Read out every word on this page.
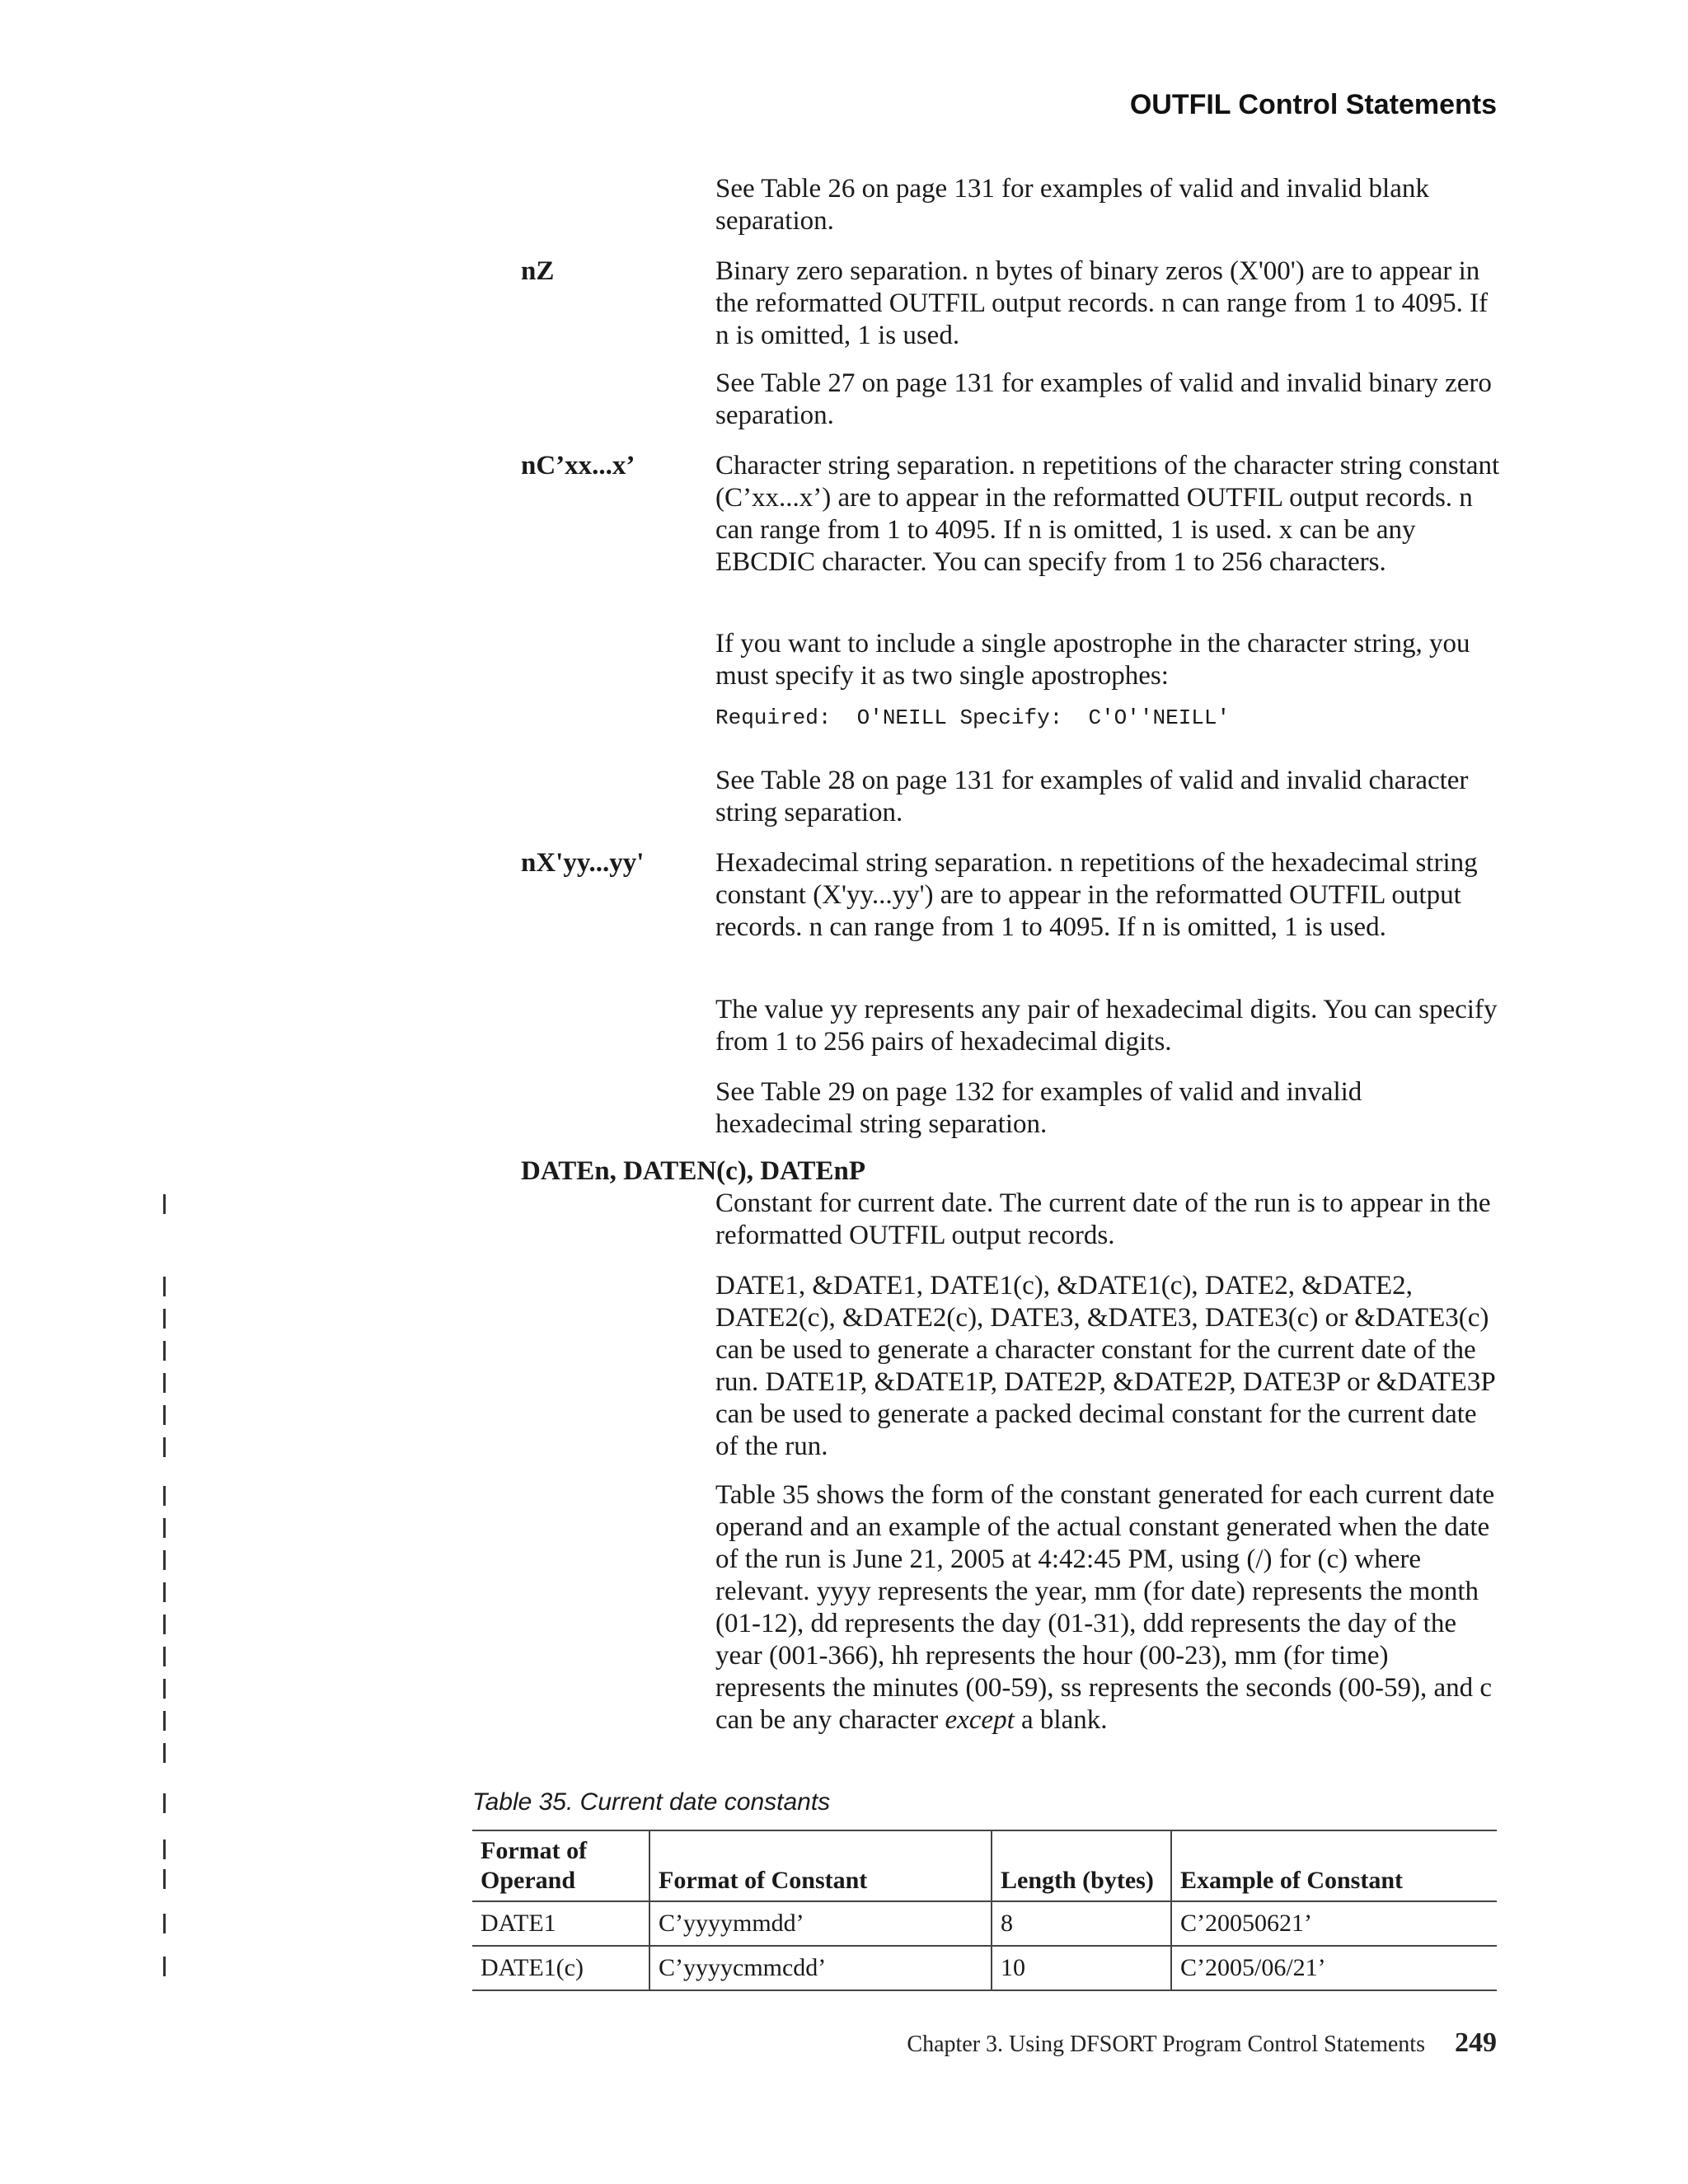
OUTFIL Control Statements
See Table 26 on page 131 for examples of valid and invalid blank separation.
nZ	Binary zero separation. n bytes of binary zeros (X'00') are to appear in the reformatted OUTFIL output records. n can range from 1 to 4095. If n is omitted, 1 is used.
See Table 27 on page 131 for examples of valid and invalid binary zero separation.
nC’xx...x’	Character string separation. n repetitions of the character string constant (C’xx...x’) are to appear in the reformatted OUTFIL output records. n can range from 1 to 4095. If n is omitted, 1 is used. x can be any EBCDIC character. You can specify from 1 to 256 characters.
If you want to include a single apostrophe in the character string, you must specify it as two single apostrophes:
Required:  O'NEILL Specify:  C'O''NEILL'
See Table 28 on page 131 for examples of valid and invalid character string separation.
nX'yy...yy'	Hexadecimal string separation. n repetitions of the hexadecimal string constant (X'yy...yy') are to appear in the reformatted OUTFIL output records. n can range from 1 to 4095. If n is omitted, 1 is used.
The value yy represents any pair of hexadecimal digits. You can specify from 1 to 256 pairs of hexadecimal digits.
See Table 29 on page 132 for examples of valid and invalid hexadecimal string separation.
DATEn, DATEN(c), DATEnP
Constant for current date. The current date of the run is to appear in the reformatted OUTFIL output records.
DATE1, &DATE1, DATE1(c), &DATE1(c), DATE2, &DATE2, DATE2(c), &DATE2(c), DATE3, &DATE3, DATE3(c) or &DATE3(c) can be used to generate a character constant for the current date of the run. DATE1P, &DATE1P, DATE2P, &DATE2P, DATE3P or &DATE3P can be used to generate a packed decimal constant for the current date of the run.
Table 35 shows the form of the constant generated for each current date operand and an example of the actual constant generated when the date of the run is June 21, 2005 at 4:42:45 PM, using (/) for (c) where relevant. yyyy represents the year, mm (for date) represents the month (01-12), dd represents the day (01-31), ddd represents the day of the year (001-366), hh represents the hour (00-23), mm (for time) represents the minutes (00-59), ss represents the seconds (00-59), and c can be any character except a blank.
Table 35. Current date constants
Format of Operand	Format of Constant	Length (bytes)	Example of Constant
DATE1	C’yyyymmdd’	8	C’20050621’
DATE1(c)	C’yyyycmmcdd’	10	C’2005/06/21’
Chapter 3. Using DFSORT Program Control Statements 249
